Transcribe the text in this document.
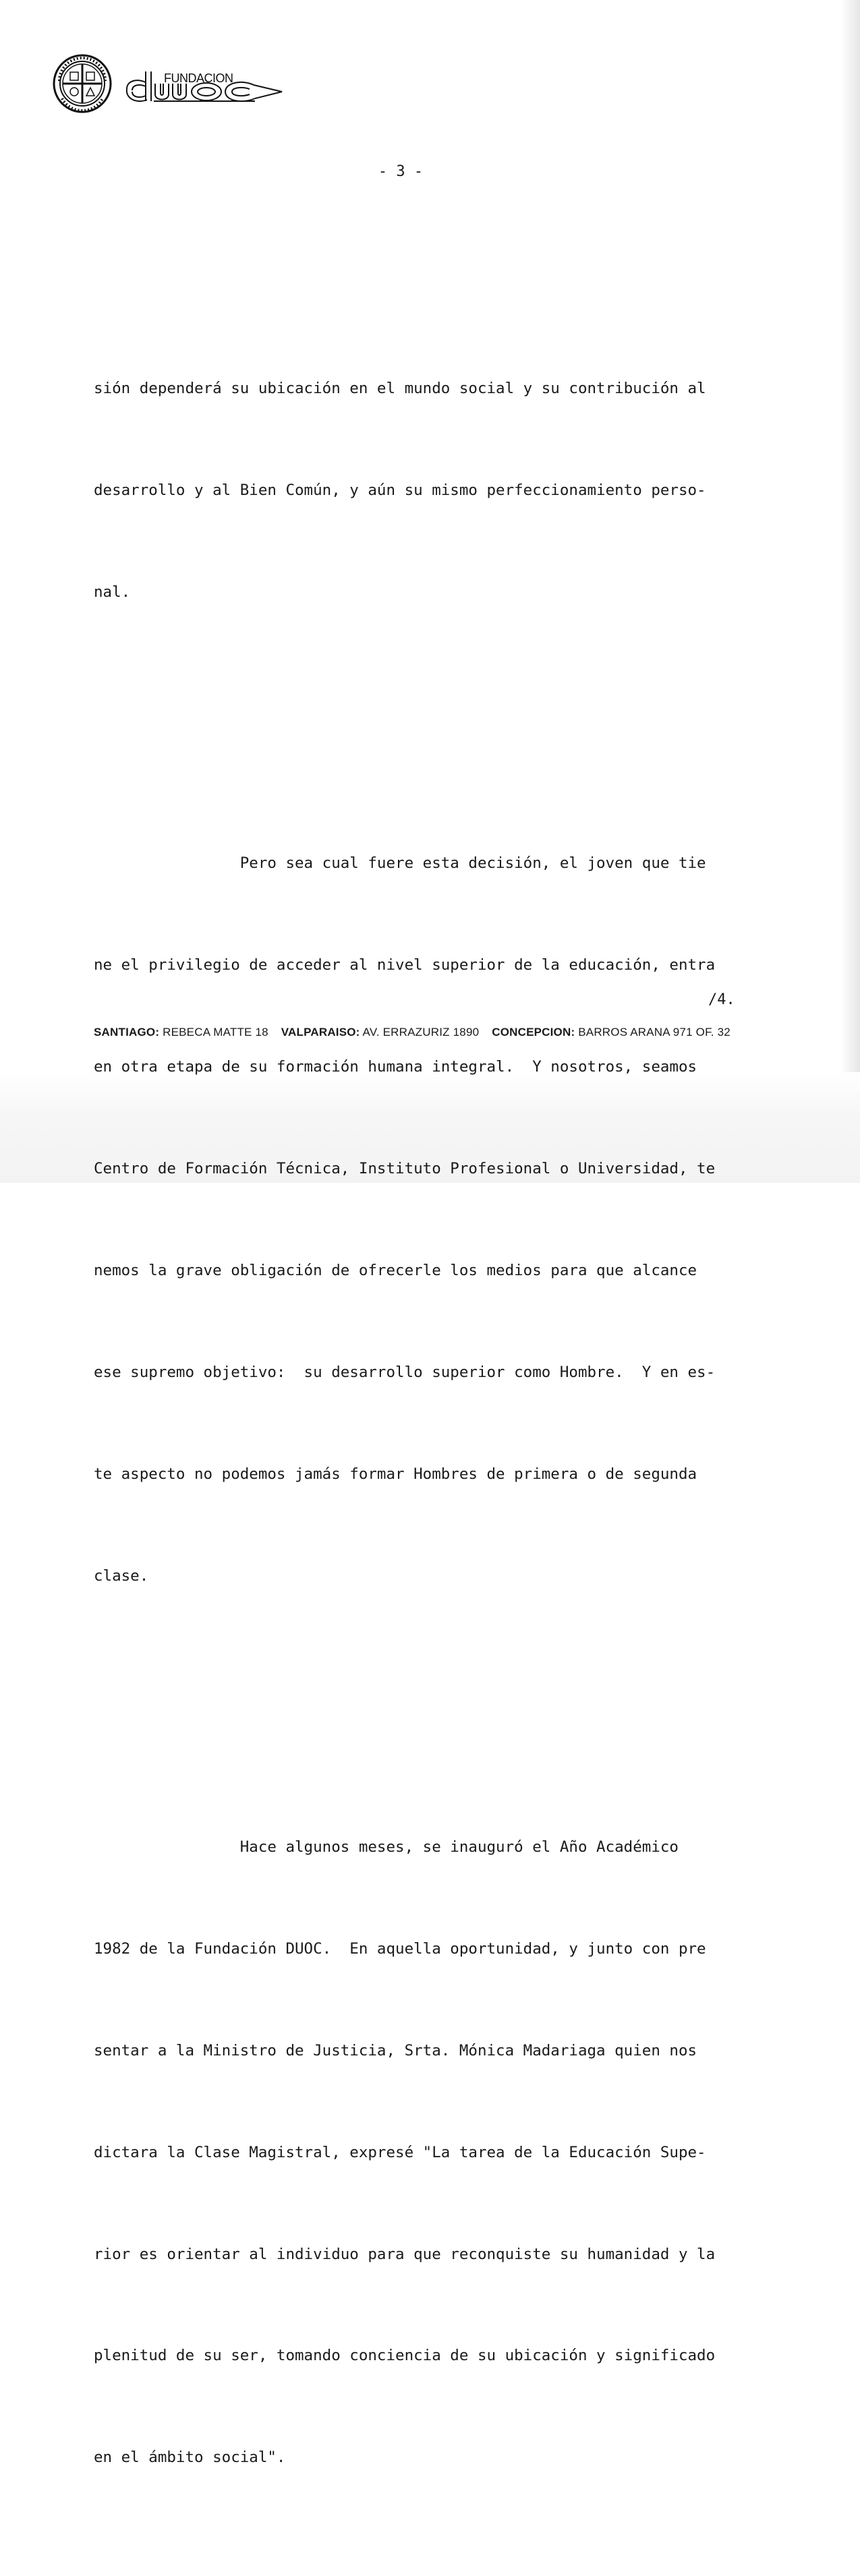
FUNDACION
- 3 -

sión dependerá su ubicación en el mundo social y su contribución al

desarrollo y al Bien Común, y aún su mismo perfeccionamiento perso-

nal.

Pero sea cual fuere esta decisión, el joven que tie

ne el privilegio de acceder al nivel superior de la educación, entra

en otra etapa de su formación humana integral.  Y nosotros, seamos

Centro de Formación Técnica, Instituto Profesional o Universidad, te

nemos la grave obligación de ofrecerle los medios para que alcance

ese supremo objetivo:  su desarrollo superior como Hombre.  Y en es-

te aspecto no podemos jamás formar Hombres de primera o de segunda

clase.

Hace algunos meses, se inauguró el Año Académico

1982 de la Fundación DUOC.  En aquella oportunidad, y junto con pre

sentar a la Ministro de Justicia, Srta. Mónica Madariaga quien nos

dictara la Clase Magistral, expresé "La tarea de la Educación Supe-

rior es orientar al individuo para que reconquiste su humanidad y la

plenitud de su ser, tomando conciencia de su ubicación y significado

en el ámbito social".

/4.
SANTIAGO: REBECA MATTE 18 VALPARAISO: AV. ERRAZURIZ 1890 CONCEPCION: BARROS ARANA 971 OF. 32
